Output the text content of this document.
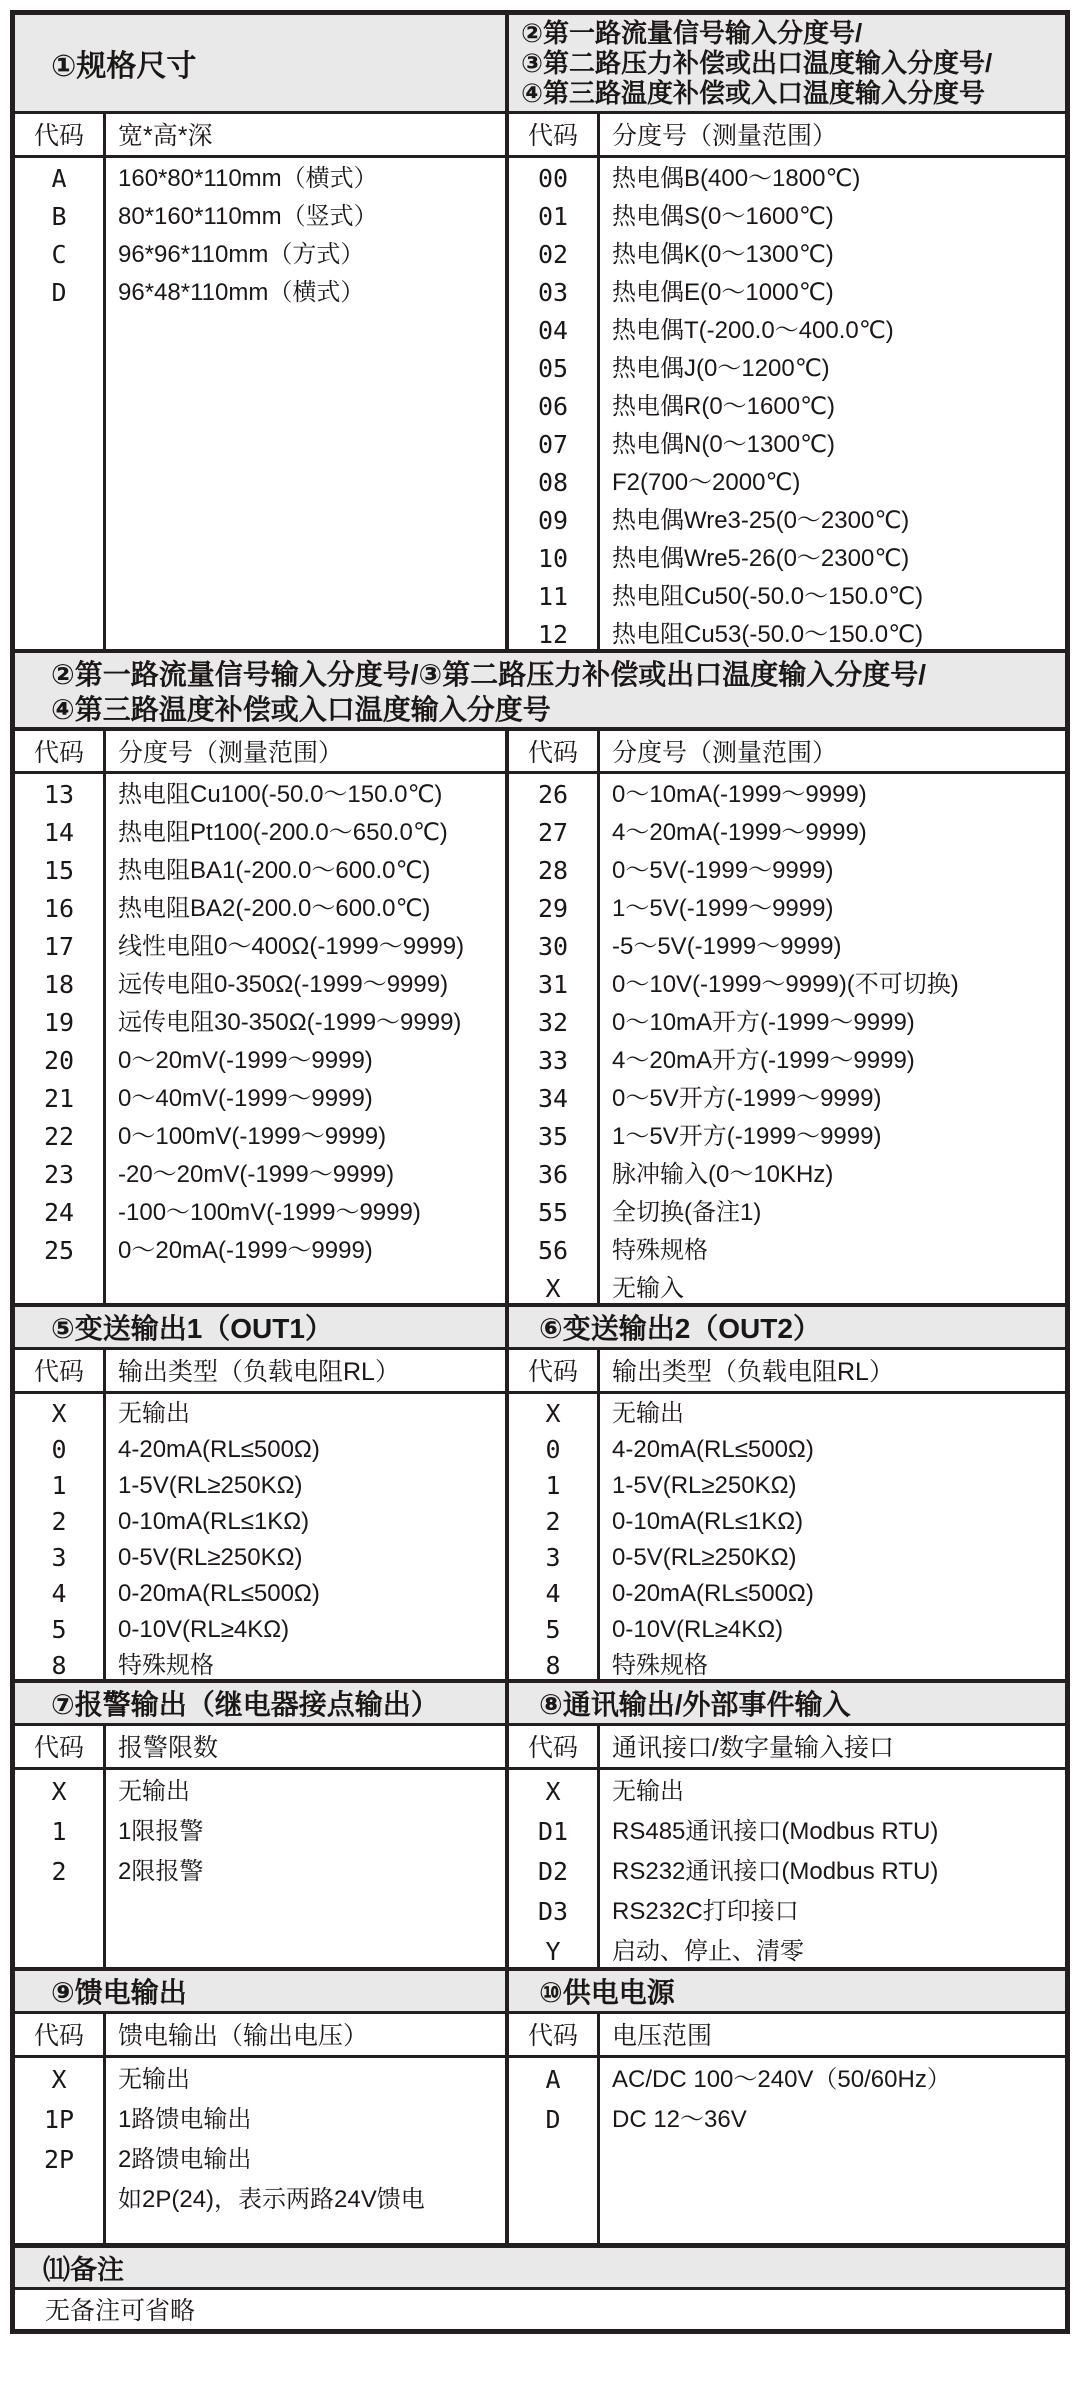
①规格尺寸
②第一路流量信号输入分度号/
③第二路压力补偿或出口温度输入分度号/
④第三路温度补偿或入口温度输入分度号
代码	宽*高*深	代码	分度号（测量范围）
A	160*80*110mm（横式）
B	80*160*110mm（竖式）
C	96*96*110mm（方式）
D	96*48*110mm（横式）
00	热电偶B(400～1800℃)
01	热电偶S(0～1600℃)
02	热电偶K(0～1300℃)
03	热电偶E(0～1000℃)
04	热电偶T(-200.0～400.0℃)
05	热电偶J(0～1200℃)
06	热电偶R(0～1600℃)
07	热电偶N(0～1300℃)
08	F2(700～2000℃)
09	热电偶Wre3-25(0～2300℃)
10	热电偶Wre5-26(0～2300℃)
11	热电阻Cu50(-50.0～150.0℃)
12	热电阻Cu53(-50.0～150.0℃)
②第一路流量信号输入分度号/③第二路压力补偿或出口温度输入分度号/
④第三路温度补偿或入口温度输入分度号
代码	分度号（测量范围）	代码	分度号（测量范围）
13	热电阻Cu100(-50.0～150.0℃)
14	热电阻Pt100(-200.0～650.0℃)
15	热电阻BA1(-200.0～600.0℃)
16	热电阻BA2(-200.0～600.0℃)
17	线性电阻0～400Ω(-1999～9999)
18	远传电阻0-350Ω(-1999～9999)
19	远传电阻30-350Ω(-1999～9999)
20	0～20mV(-1999～9999)
21	0～40mV(-1999～9999)
22	0～100mV(-1999～9999)
23	-20～20mV(-1999～9999)
24	-100～100mV(-1999～9999)
25	0～20mA(-1999～9999)
26	0～10mA(-1999～9999)
27	4～20mA(-1999～9999)
28	0～5V(-1999～9999)
29	1～5V(-1999～9999)
30	-5～5V(-1999～9999)
31	0～10V(-1999～9999)(不可切换)
32	0～10mA开方(-1999～9999)
33	4～20mA开方(-1999～9999)
34	0～5V开方(-1999～9999)
35	1～5V开方(-1999～9999)
36	脉冲输入(0～10KHz)
55	全切换(备注1)
56	特殊规格
X	无输入
⑤变送输出1（OUT1）	⑥变送输出2（OUT2）
代码	输出类型（负载电阻RL）	代码	输出类型（负载电阻RL）
X	无输出
0	4-20mA(RL≤500Ω)
1	1-5V(RL≥250KΩ)
2	0-10mA(RL≤1KΩ)
3	0-5V(RL≥250KΩ)
4	0-20mA(RL≤500Ω)
5	0-10V(RL≥4KΩ)
8	特殊规格
X	无输出
0	4-20mA(RL≤500Ω)
1	1-5V(RL≥250KΩ)
2	0-10mA(RL≤1KΩ)
3	0-5V(RL≥250KΩ)
4	0-20mA(RL≤500Ω)
5	0-10V(RL≥4KΩ)
8	特殊规格
⑦报警输出（继电器接点输出）	⑧通讯输出/外部事件输入
代码	报警限数	代码	通讯接口/数字量输入接口
X	无输出
1	1限报警
2	2限报警
X	无输出
D1	RS485通讯接口(Modbus RTU)
D2	RS232通讯接口(Modbus RTU)
D3	RS232C打印接口
Y	启动、停止、清零
⑨馈电输出	⑩供电电源
代码	馈电输出（输出电压）	代码	电压范围
X	无输出
1P	1路馈电输出
2P	2路馈电输出
如2P(24)，表示两路24V馈电
A	AC/DC 100～240V（50/60Hz）
D	DC 12～36V
⑾备注
无备注可省略
